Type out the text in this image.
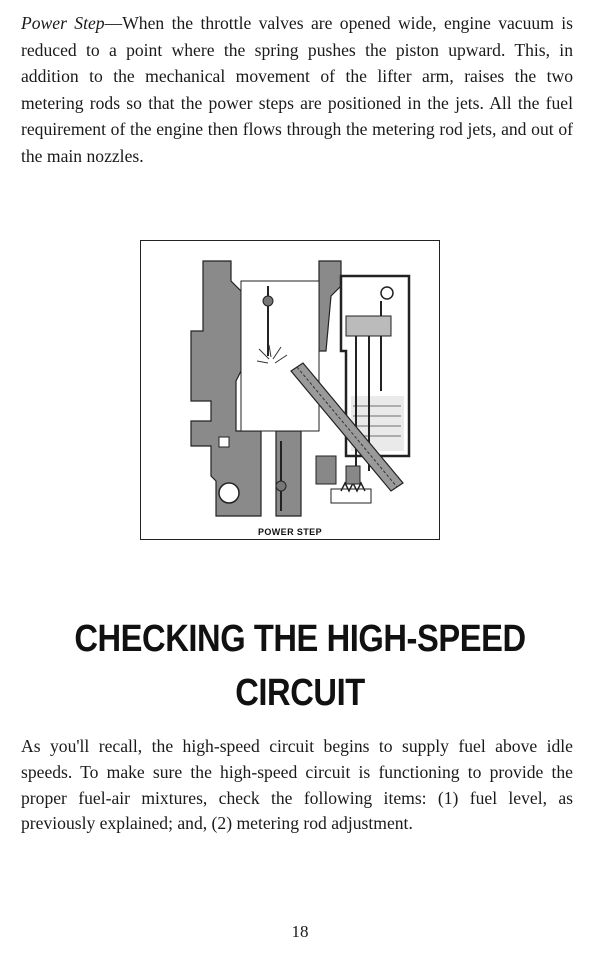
Power Step—When the throttle valves are opened wide, engine vacuum is reduced to a point where the spring pushes the piston upward. This, in addition to the mechanical movement of the lifter arm, raises the two metering rods so that the power steps are positioned in the jets. All the fuel requirement of the engine then flows through the metering rod jets, and out of the main nozzles.
POWER STEP
CHECKING THE HIGH-SPEED
CIRCUIT
As you'll recall, the high-speed circuit begins to supply fuel above idle speeds. To make sure the high-speed circuit is functioning to provide the proper fuel-air mixtures, check the following items: (1) fuel level, as previously explained; and, (2) metering rod adjustment.
18
